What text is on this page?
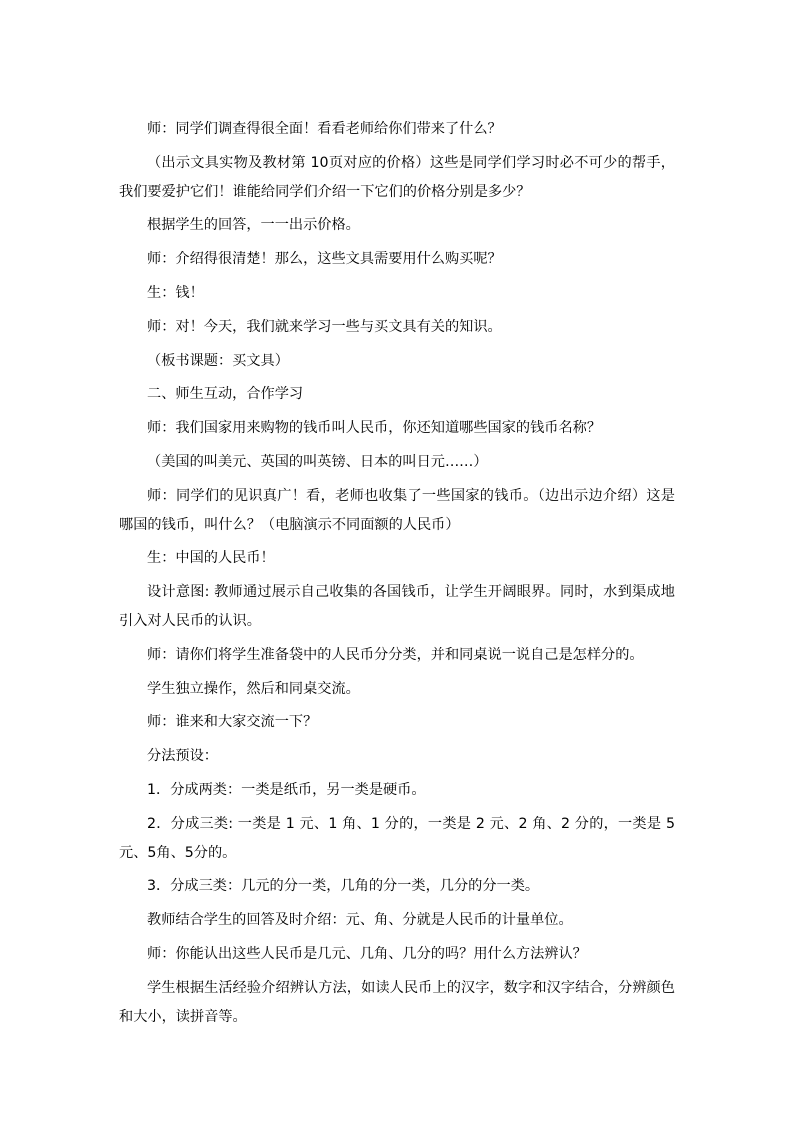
师：同学们调查得很全面！看看老师给你们带来了什么？

（出示文具实物及教材第 10页对应的价格）这些是同学们学习时必不可少的帮手，我们要爱护它们！谁能给同学们介绍一下它们的价格分别是多少？

根据学生的回答，一一出示价格。

师：介绍得很清楚！那么，这些文具需要用什么购买呢？

生：钱！

师：对！今天，我们就来学习一些与买文具有关的知识。

（板书课题：买文具）

二、师生互动，合作学习

师：我们国家用来购物的钱币叫人民币，你还知道哪些国家的钱币名称？

（美国的叫美元、英国的叫英镑、日本的叫日元……）

师：同学们的见识真广！看，老师也收集了一些国家的钱币。（边出示边介绍）这是哪国的钱币，叫什么？（电脑演示不同面额的人民币）

生：中国的人民币！

设计意图: 教师通过展示自己收集的各国钱币，让学生开阔眼界。同时，水到渠成地引入对人民币的认识。

师：请你们将学生准备袋中的人民币分分类，并和同桌说一说自己是怎样分的。

学生独立操作，然后和同桌交流。

师：谁来和大家交流一下？

分法预设：

1．分成两类：一类是纸币，另一类是硬币。

2．分成三类: 一类是 1 元、1 角、1 分的，一类是 2 元、2 角、2 分的，一类是 5 元、5角、5分的。

3．分成三类：几元的分一类，几角的分一类，几分的分一类。

教师结合学生的回答及时介绍：元、角、分就是人民币的计量单位。

师：你能认出这些人民币是几元、几角、几分的吗？用什么方法辨认？

学生根据生活经验介绍辨认方法，如读人民币上的汉字，数字和汉字结合，分辨颜色和大小，读拼音等。
